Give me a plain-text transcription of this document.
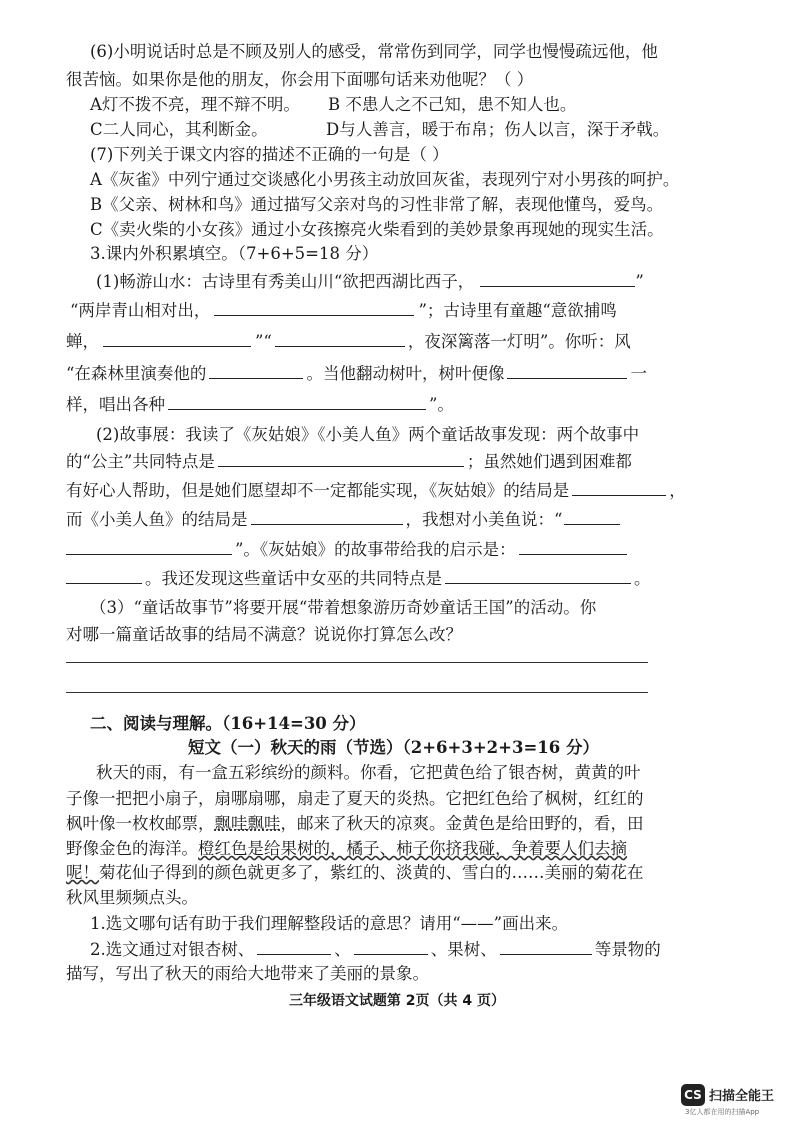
(6)小明说话时总是不顾及别人的感受，常常伤到同学，同学也慢慢疏远他，他
很苦恼。如果你是他的朋友，你会用下面哪句话来劝他呢？（ ）
A灯不拨不亮，理不辩不明。 B 不患人之不己知，患不知人也。
C二人同心，其利断金。	D与人善言，暖于布帛；伤人以言，深于矛戟。
(7)下列关于课文内容的描述不正确的一句是（ ）
A《灰雀》中列宁通过交谈感化小男孩主动放回灰雀，表现列宁对小男孩的呵护。
B《父亲、树林和鸟》通过描写父亲对鸟的习性非常了解，表现他懂鸟，爱鸟。
C《卖火柴的小女孩》通过小女孩擦亮火柴看到的美妙景象再现她的现实生活。
3.课内外积累填空。（7+6+5=18 分）
(1)畅游山水：古诗里有秀美山川“欲把西湖比西子，	”
“两岸青山相对出，	”；古诗里有童趣“意欲捕鸣
蝉，	”“	，夜深篱落一灯明”。你听：风
“在森林里演奏他的	。当他翻动树叶，树叶便像	一
样，唱出各种	”。
(2)故事展：我读了《灰姑娘》《小美人鱼》两个童话故事发现：两个故事中
的“公主”共同特点是	；虽然她们遇到困难都
有好心人帮助，但是她们愿望却不一定都能实现，《灰姑娘》的结局是	，
而《小美人鱼》的结局是	，我想对小美鱼说：“
”。《灰姑娘》的故事带给我的启示是：
。我还发现这些童话中女巫的共同特点是	。
（3）“童话故事节”将要开展“带着想象游历奇妙童话王国”的活动。你
对哪一篇童话故事的结局不满意？说说你打算怎么改？
二、阅读与理解。（16+14=30 分）
短文（一）秋天的雨（节选）（2+6+3+2+3=16 分）
秋天的雨，有一盒五彩缤纷的颜料。你看，它把黄色给了银杏树，黄黄的叶
子像一把把小扇子，扇哪扇哪，扇走了夏天的炎热。它把红色给了枫树，红红的
枫叶像一枚枚邮票，飘哇飘哇，邮来了秋天的凉爽。金黄色是给田野的，看，田
野像金色的海洋。橙红色是给果树的，橘子、柿子你挤我碰，争着要人们去摘
呢！菊花仙子得到的颜色就更多了，紫红的、淡黄的、雪白的……美丽的菊花在
秋风里频频点头。
1.选文哪句话有助于我们理解整段话的意思？请用“——”画出来。
2.选文通过对银杏树、	、	、果树、	等景物的
描写，写出了秋天的雨给大地带来了美丽的景象。
三年级语文试题第 2页（共 4 页）
CS 扫描全能王
3亿人都在用的扫描App
